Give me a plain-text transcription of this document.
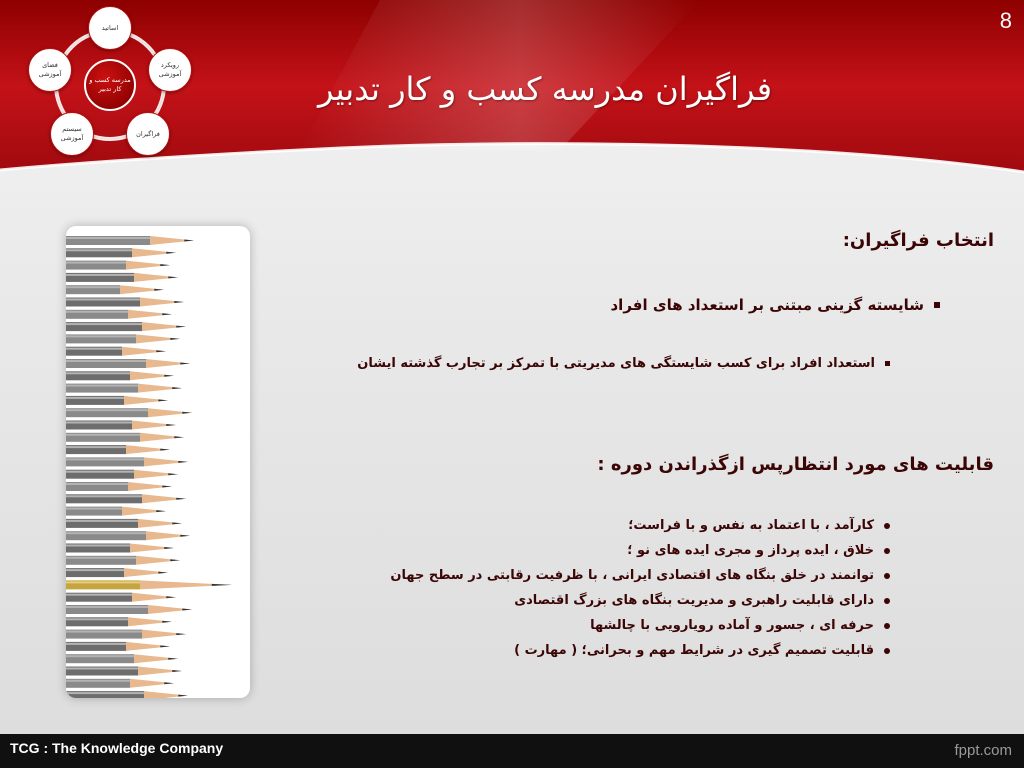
8
فراگیران مدرسه کسب و کار تدبیر
مدرسه کسب و کار تدبیر
اساتید
رویکرد آموزشی
فراگیران
سیستم آموزشی
فضای آموزشی
انتخاب فراگیران:
شایسته گزینی مبتنی بر استعداد های افراد
استعداد افراد برای کسب شایستگی های مدیریتی با تمرکز بر تجارب گذشته ایشان
قابلیت های مورد انتظارپس ازگذراندن دوره :
کارآمد ، با اعتماد به نفس و با فراست؛
خلاق ، ایده پرداز و مجری ایده های نو ؛
توانمند در خلق بنگاه های اقتصادی ایرانی ، با ظرفیت رقابتی در سطح جهان
دارای قابلیت راهبری و مدیریت بنگاه های بزرگ اقتصادی
حرفه ای ، جسور و آماده رویارویی با چالشها
قابلیت تصمیم گیری در شرایط مهم و بحرانی؛ ( مهارت )
TCG : The Knowledge Company	fppt.com
